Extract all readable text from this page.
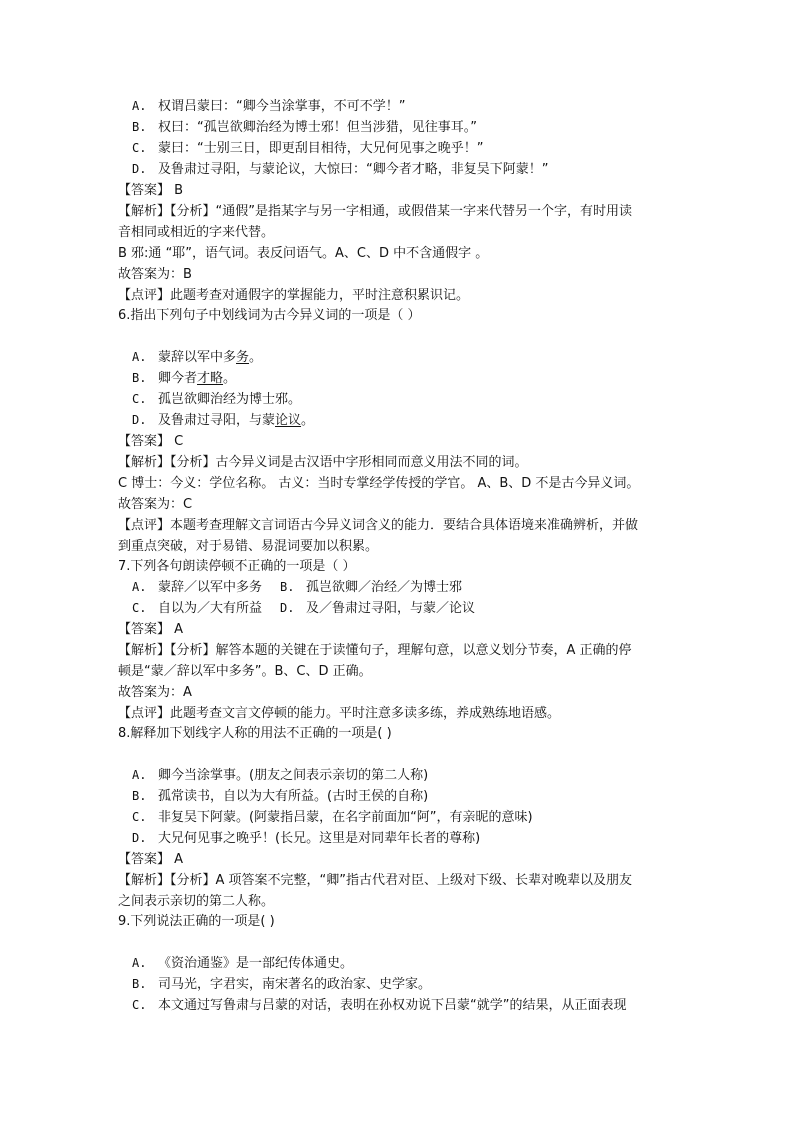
A. 权谓吕蒙曰：“卿今当涂掌事，不可不学！”
B. 权曰：“孤岂欲卿治经为博士邪！但当涉猎，见往事耳。”
C. 蒙曰：“士别三日，即更刮目相待，大兄何见事之晚乎！”
D. 及鲁肃过寻阳，与蒙论议，大惊曰：“卿今者才略，非复吴下阿蒙！”
【答案】 B
【解析】【分析】“通假”是指某字与另一字相通，或假借某一字来代替另一个字，有时用读
音相同或相近的字来代替。
B 邪:通 “耶”，语气词。表反问语气。A、C、D 中不含通假字 。
故答案为：B
【点评】此题考查对通假字的掌握能力，平时注意积累识记。
6.指出下列句子中划线词为古今异义词的一项是（ ）
A. 蒙辞以军中多务。
B. 卿今者才略。
C. 孤岂欲卿治经为博士邪。
D. 及鲁肃过寻阳，与蒙论议。
【答案】 C
【解析】【分析】古今异义词是古汉语中字形相同而意义用法不同的词。
C 博士：今义：学位名称。 古义：当时专掌经学传授的学官。 A、B、D 不是古今异义词。
故答案为：C
【点评】本题考查理解文言词语古今异义词含义的能力．要结合具体语境来准确辨析，并做
到重点突破，对于易错、易混词要加以积累。
7.下列各句朗读停顿不正确的一项是（ ）
A. 蒙辞／以军中多务 B. 孤岂欲卿／治经／为博士邪
C. 自以为／大有所益 D. 及／鲁肃过寻阳，与蒙／论议
【答案】 A
【解析】【分析】解答本题的关键在于读懂句子，理解句意，以意义划分节奏，A 正确的停
顿是“蒙／辞以军中多务”。B、C、D 正确。
故答案为：A
【点评】此题考查文言文停顿的能力。平时注意多读多练，养成熟练地语感。
8.解释加下划线字人称的用法不正确的一项是( )
A. 卿今当涂掌事。(朋友之间表示亲切的第二人称)
B. 孤常读书，自以为大有所益。(古时王侯的自称)
C. 非复吴下阿蒙。(阿蒙指吕蒙，在名字前面加“阿”，有亲昵的意味)
D. 大兄何见事之晚乎！(长兄。这里是对同辈年长者的尊称)
【答案】 A
【解析】【分析】A 项答案不完整，“卿”指古代君对臣、上级对下级、长辈对晚辈以及朋友
之间表示亲切的第二人称。
9.下列说法正确的一项是( )
A. 《资治通鉴》是一部纪传体通史。
B. 司马光，字君实，南宋著名的政治家、史学家。
C. 本文通过写鲁肃与吕蒙的对话，表明在孙权劝说下吕蒙“就学”的结果，从正面表现
